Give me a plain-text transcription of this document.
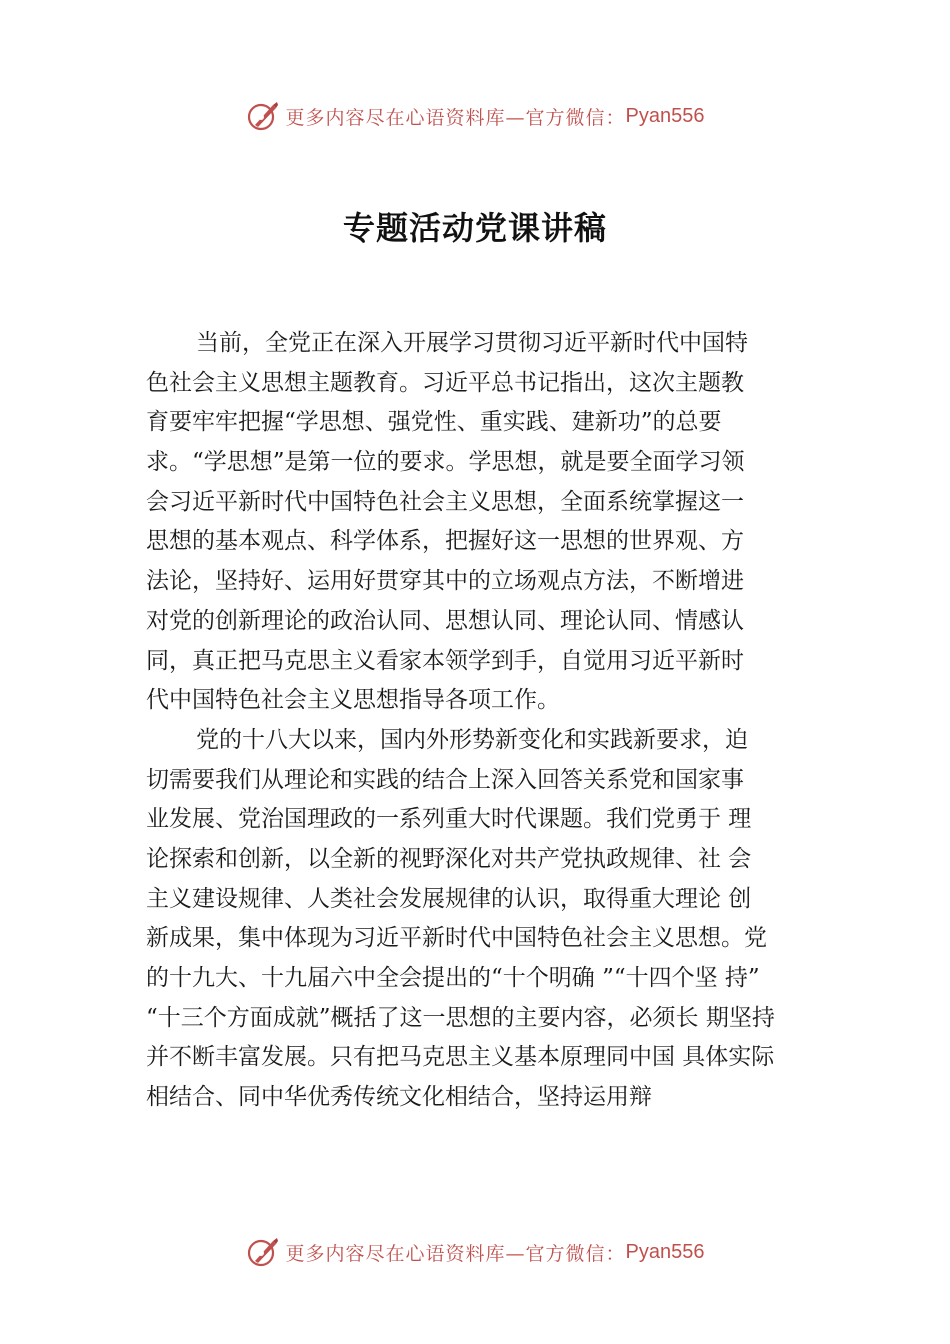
更多内容尽在心语资料库—官方微信： Pyan556
专题活动党课讲稿
当前，全党正在深入开展学习贯彻习近平新时代中国特
色社会主义思想主题教育。习近平总书记指出，这次主题教
育要牢牢把握“学思想、强党性、重实践、建新功”的总要
求。“学思想”是第一位的要求。学思想，就是要全面学习领
会习近平新时代中国特色社会主义思想，全面系统掌握这一
思想的基本观点、科学体系，把握好这一思想的世界观、方
法论，坚持好、运用好贯穿其中的立场观点方法，不断增进
对党的创新理论的政治认同、思想认同、理论认同、情感认
同，真正把马克思主义看家本领学到手，自觉用习近平新时
代中国特色社会主义思想指导各项工作。
党的十八大以来，国内外形势新变化和实践新要求，迫
切需要我们从理论和实践的结合上深入回答关系党和国家事
业发展、党治国理政的一系列重大时代课题。我们党勇于 理
论探索和创新，以全新的视野深化对共产党执政规律、社 会
主义建设规律、人类社会发展规律的认识，取得重大理论 创
新成果，集中体现为习近平新时代中国特色社会主义思想。党
的十九大、十九届六中全会提出的“十个明确 ”“十四个坚 持”
“十三个方面成就”概括了这一思想的主要内容，必须长 期坚持
并不断丰富发展。只有把马克思主义基本原理同中国 具体实际
相结合、同中华优秀传统文化相结合，坚持运用辩
更多内容尽在心语资料库—官方微信： Pyan556
